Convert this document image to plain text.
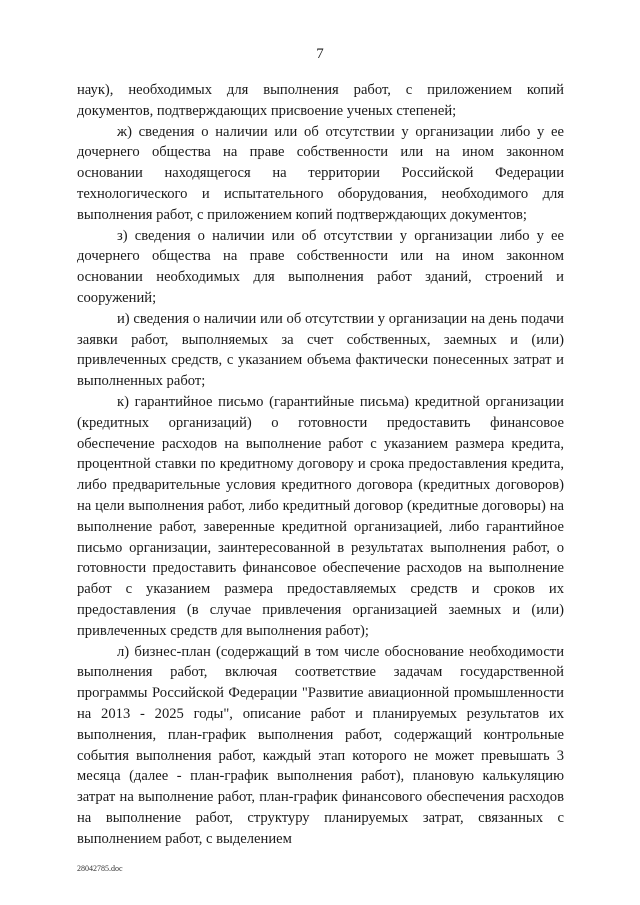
7

наук), необходимых для выполнения работ, с приложением копий документов, подтверждающих присвоение ученых степеней;

ж) сведения о наличии или об отсутствии у организации либо у ее дочернего общества на праве собственности или на ином законном основании находящегося на территории Российской Федерации технологического и испытательного оборудования, необходимого для выполнения работ, с приложением копий подтверждающих документов;

з) сведения о наличии или об отсутствии у организации либо у ее дочернего общества на праве собственности или на ином законном основании необходимых для выполнения работ зданий, строений и сооружений;

и) сведения о наличии или об отсутствии у организации на день подачи заявки работ, выполняемых за счет собственных, заемных и (или) привлеченных средств, с указанием объема фактически понесенных затрат и выполненных работ;

к) гарантийное письмо (гарантийные письма) кредитной организации (кредитных организаций) о готовности предоставить финансовое обеспечение расходов на выполнение работ с указанием размера кредита, процентной ставки по кредитному договору и срока предоставления кредита, либо предварительные условия кредитного договора (кредитных договоров) на цели выполнения работ, либо кредитный договор (кредитные договоры) на выполнение работ, заверенные кредитной организацией, либо гарантийное письмо организации, заинтересованной в результатах выполнения работ, о готовности предоставить финансовое обеспечение расходов на выполнение работ с указанием размера предоставляемых средств и сроков их предоставления (в случае привлечения организацией заемных и (или) привлеченных средств для выполнения работ);

л) бизнес-план (содержащий в том числе обоснование необходимости выполнения работ, включая соответствие задачам государственной программы Российской Федерации "Развитие авиационной промышленности на 2013 - 2025 годы", описание работ и планируемых результатов их выполнения, план-график выполнения работ, содержащий контрольные события выполнения работ, каждый этап которого не может превышать 3 месяца (далее - план-график выполнения работ), плановую калькуляцию затрат на выполнение работ, план-график финансового обеспечения расходов на выполнение работ, структуру планируемых затрат, связанных с выполнением работ, с выделением

28042785.doc
